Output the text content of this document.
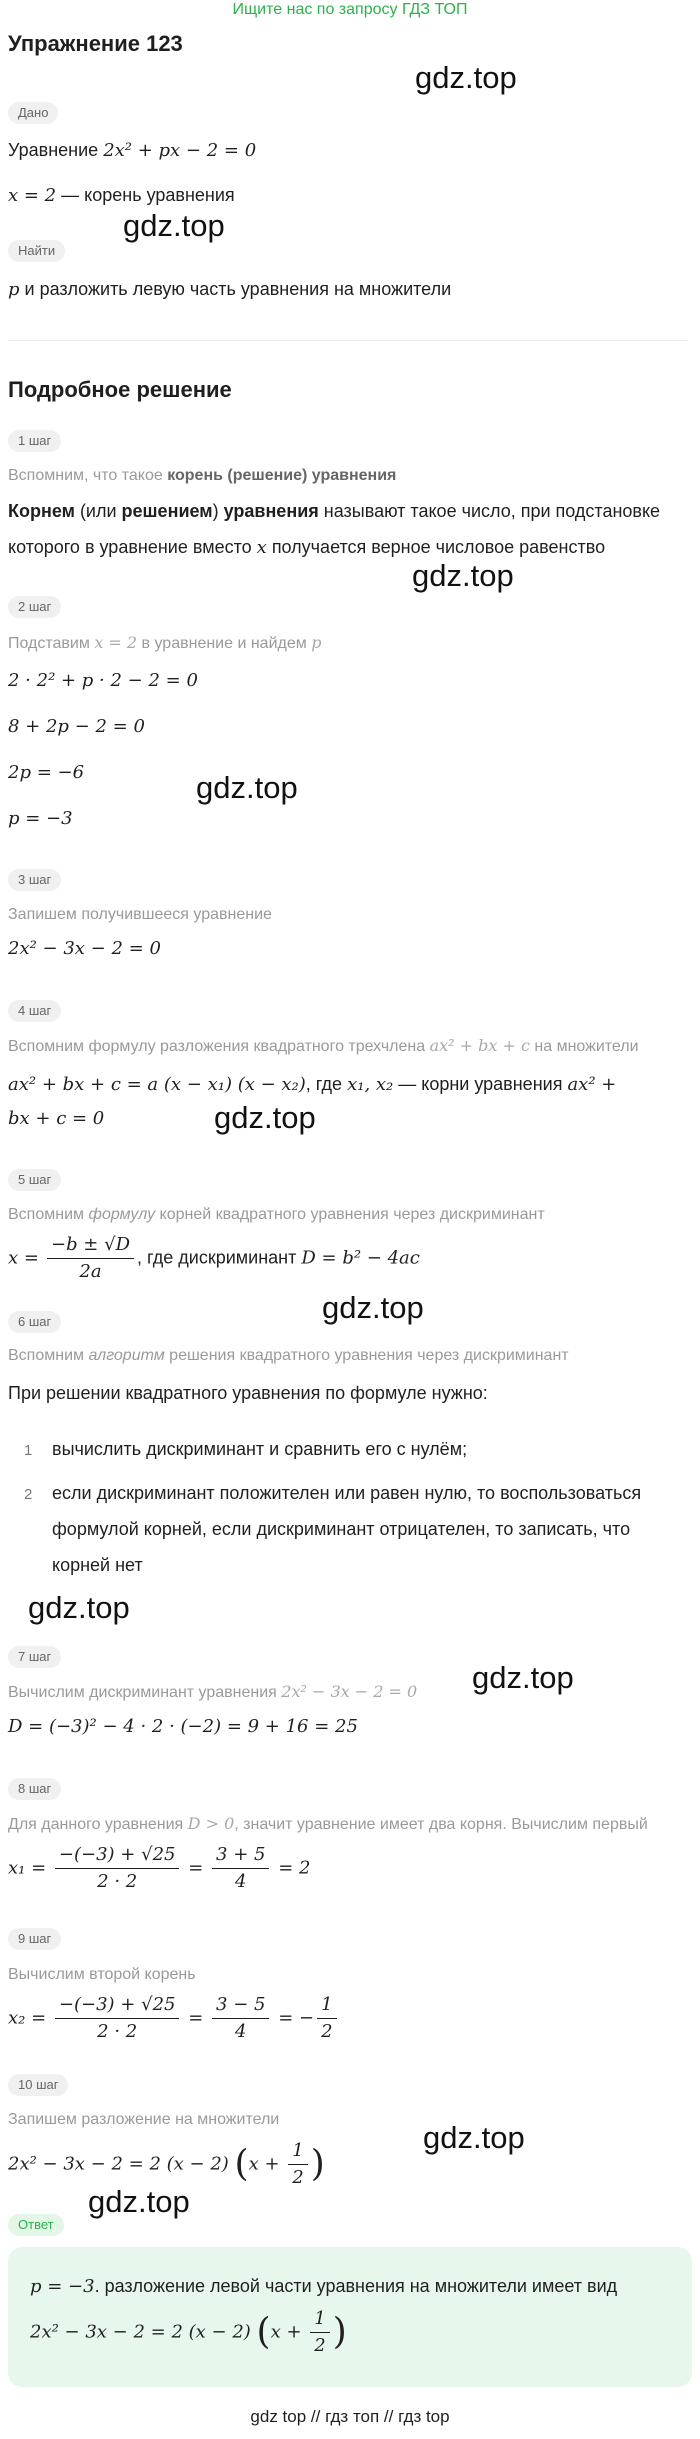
Ищите нас по запросу ГДЗ ТОП
Упражнение 123
Дано
Уравнение 2x² + px − 2 = 0
x = 2 — корень уравнения
Найти
p и разложить левую часть уравнения на множители
Подробное решение
1 шаг
Вспомним, что такое корень (решение) уравнения
Корнем (или решением) уравнения называют такое число, при подстановке
которого в уравнение вместо x получается верное числовое равенство
2 шаг
Подставим x = 2 в уравнение и найдем p
2 · 2² + p · 2 − 2 = 0
8 + 2p − 2 = 0
2p = −6
p = −3
3 шаг
Запишем получившееся уравнение
2x² − 3x − 2 = 0
4 шаг
Вспомним формулу разложения квадратного трехчлена ax² + bx + c на множители
ax² + bx + c = a (x − x₁) (x − x₂), где x₁, x₂ — корни уравнения ax² +
bx + c = 0
5 шаг
Вспомним формулу корней квадратного уравнения через дискриминант
$x = \frac{-b \pm √D}{2a}$ , где дискриминант D = b² − 4ac
6 шаг
Вспомним алгоритм решения квадратного уравнения через дискриминант
При решении квадратного уравнения по формуле нужно:
1 вычислить дискриминант и сравнить его с нулём;
2 если дискриминант положителен или равен нулю, то воспользоваться
формулой корней, если дискриминант отрицателен, то записать, что
корней нет
7 шаг
Вычислим дискриминант уравнения 2x² − 3x − 2 = 0
D = (−3)² − 4 · 2 · (−2) = 9 + 16 = 25
8 шаг
Для данного уравнения D > 0, значит уравнение имеет два корня. Вычислим первый
$x_1 = \frac{-(-3) + √25}{2 \cdot 2} = \frac{3 + 5}{4} = 2$
9 шаг
Вычислим второй корень
$x_2 = \frac{-(-3) + √25}{2 \cdot 2} = \frac{3 - 5}{4}$ = − $\frac{1}{2}$
10 шаг
Запишем разложение на множители
2x² − 3x − 2 = 2 (x − 2) ($x + \frac{1}{2}$ )
Ответ
p = −3. разложение левой части уравнения на множители имеет вид
2x² − 3x − 2 = 2 (x − 2) ($x + \frac{1}{2}$ )
gdz.top
gdz.top
gdz.top
gdz.top
gdz.top
gdz.top
gdz.top
gdz.top
gdz.top
gdz.top
gdz top // гдз топ // гдз top
